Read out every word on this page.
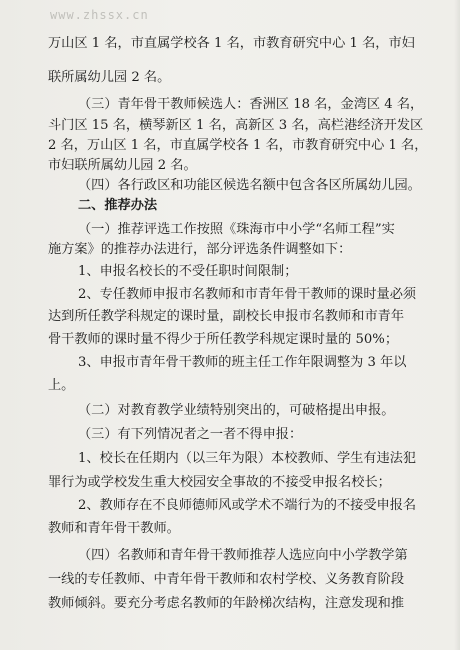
www.zhssx.cn
万山区 1 名，市直属学校各 1 名，市教育研究中心 1 名，市妇
联所属幼儿园 2 名。
（三）青年骨干教师候选人：香洲区 18 名，金湾区 4 名，
斗门区 15 名，横琴新区 1 名，高新区 3 名，高栏港经济开发区
2 名，万山区 1 名，市直属学校各 1 名，市教育研究中心 1 名，
市妇联所属幼儿园 2 名。
（四）各行政区和功能区候选名额中包含各区所属幼儿园。
二、推荐办法
（一）推荐评选工作按照《珠海市中小学“名师工程”实
施方案》的推荐办法进行，部分评选条件调整如下：
1、申报名校长的不受任职时间限制；
2、专任教师申报市名教师和市青年骨干教师的课时量必须
达到所任教学科规定的课时量，副校长申报市名教师和市青年
骨干教师的课时量不得少于所任教学科规定课时量的 50%；
3、申报市青年骨干教师的班主任工作年限调整为 3 年以
上。
（二）对教育教学业绩特别突出的，可破格提出申报。
（三）有下列情况者之一者不得申报：
1、校长在任期内（以三年为限）本校教师、学生有违法犯
罪行为或学校发生重大校园安全事故的不接受申报名校长；
2、教师存在不良师德师风或学术不端行为的不接受申报名
教师和青年骨干教师。
（四）名教师和青年骨干教师推荐人选应向中小学教学第
一线的专任教师、中青年骨干教师和农村学校、义务教育阶段
教师倾斜。要充分考虑名教师的年龄梯次结构，注意发现和推
